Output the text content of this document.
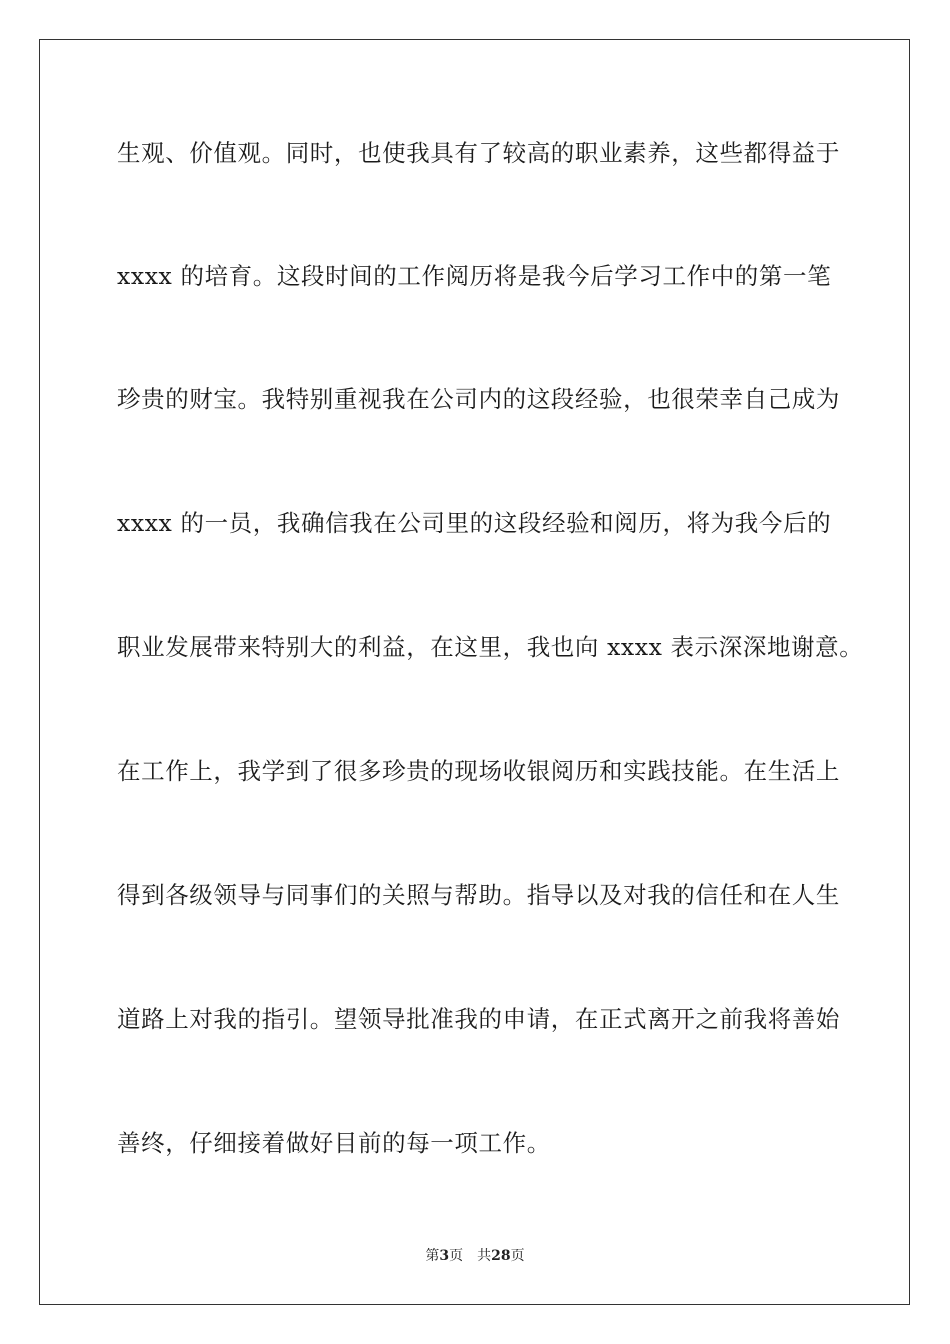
生观、价值观。同时，也使我具有了较高的职业素养，这些都得益于
xxxx 的培育。这段时间的工作阅历将是我今后学习工作中的第一笔
珍贵的财宝。我特别重视我在公司内的这段经验，也很荣幸自己成为
xxxx 的一员，我确信我在公司里的这段经验和阅历，将为我今后的
职业发展带来特别大的利益，在这里，我也向 xxxx 表示深深地谢意。
在工作上，我学到了很多珍贵的现场收银阅历和实践技能。在生活上
得到各级领导与同事们的关照与帮助。指导以及对我的信任和在人生
道路上对我的指引。望领导批准我的申请，在正式离开之前我将善始
善终，仔细接着做好目前的每一项工作。
第3页 共28页
